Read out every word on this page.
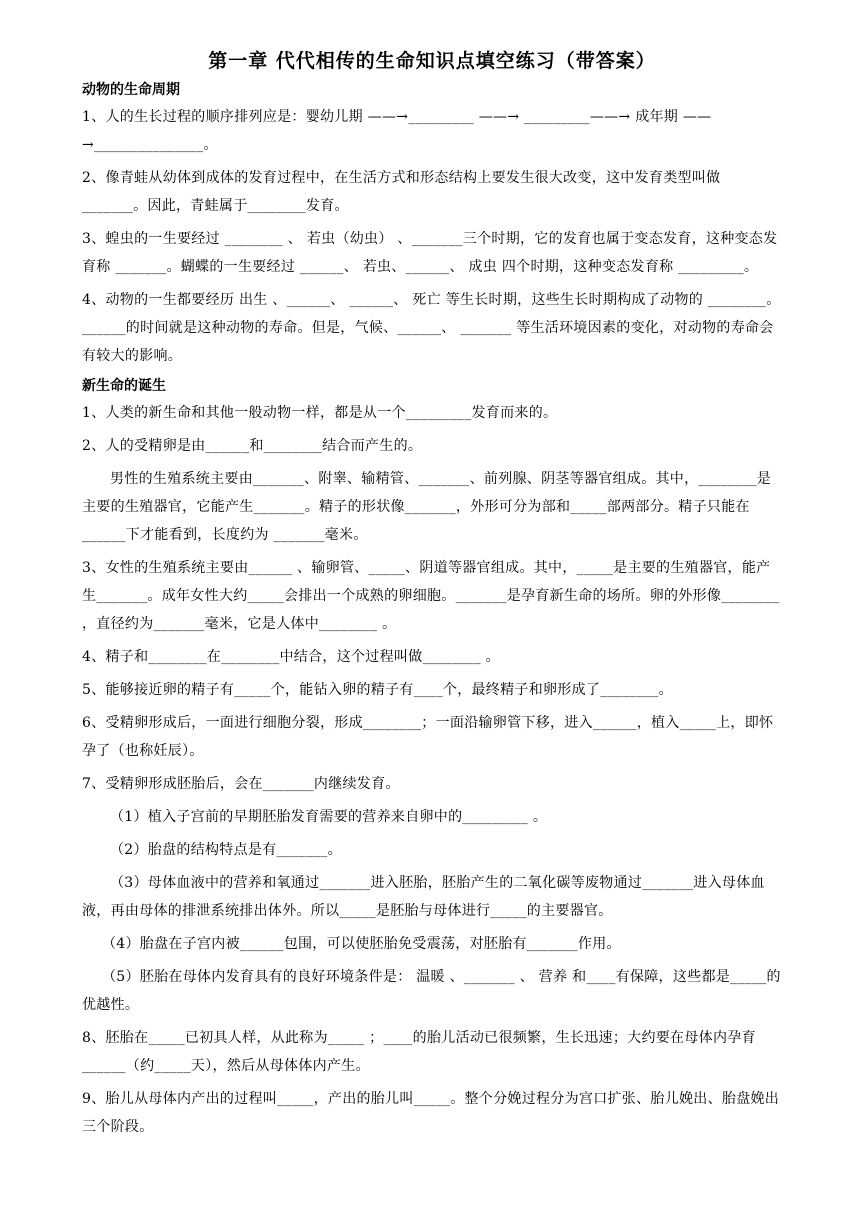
第一章 代代相传的生命知识点填空练习（带答案）
动物的生命周期

1、人的生长过程的顺序排列应是：婴幼儿期 ——→_________ ——→ _________——→ 成年期 ——→_______________。

2、像青蛙从幼体到成体的发育过程中，在生活方式和形态结构上要发生很大改变，这中发育类型叫做_______。因此，青蛙属于________发育。

3、蝗虫的一生要经过 ________ 、 若虫（幼虫） 、_______三个时期，它的发育也属于变态发育，这种变态发育称 _______。蝴蝶的一生要经过 ______、 若虫、______、 成虫 四个时期，这种变态发育称 _________。

4、动物的一生都要经历 出生 、______、 ______、 死亡 等生长时期，这些生长时期构成了动物的 ________。______的时间就是这种动物的寿命。但是，气候、______、 _______ 等生活环境因素的变化，对动物的寿命会有较大的影响。

新生命的诞生

1、人类的新生命和其他一般动物一样，都是从一个_________发育而来的。

2、人的受精卵是由______和________结合而产生的。

男性的生殖系统主要由_______、附睾、输精管、_______、前列腺、阴茎等器官组成。其中，________是主要的生殖器官，它能产生_______。精子的形状像_______，外形可分为部和_____部两部分。精子只能在______下才能看到，长度约为 _______毫米。

3、女性的生殖系统主要由______ 、输卵管、_____、阴道等器官组成。其中，_____是主要的生殖器官，能产生_______。成年女性大约_____会排出一个成熟的卵细胞。_______是孕育新生命的场所。卵的外形像________ ，直径约为_______毫米，它是人体中________ 。

4、精子和________在________中结合，这个过程叫做________ 。

5、能够接近卵的精子有_____个，能钻入卵的精子有____个，最终精子和卵形成了________。

6、受精卵形成后，一面进行细胞分裂，形成________；一面沿输卵管下移，进入______，植入_____上，即怀孕了（也称妊辰）。

7、受精卵形成胚胎后，会在_______内继续发育。

（1）植入子宫前的早期胚胎发育需要的营养来自卵中的_________ 。

（2）胎盘的结构特点是有_______。

（3）母体血液中的营养和氧通过_______进入胚胎，胚胎产生的二氧化碳等废物通过_______进入母体血液，再由母体的排泄系统排出体外。所以_____是胚胎与母体进行_____的主要器官。

（4）胎盘在子宫内被______包围，可以使胚胎免受震荡，对胚胎有_______作用。

（5）胚胎在母体内发育具有的良好环境条件是： 温暖 、_______ 、 营养 和____有保障，这些都是_____的优越性。

8、胚胎在_____已初具人样，从此称为_____ ；____的胎儿活动已很频繁，生长迅速；大约要在母体内孕育______（约_____天），然后从母体体内产生。

9、胎儿从母体内产出的过程叫_____，产出的胎儿叫_____。整个分娩过程分为宫口扩张、胎儿娩出、胎盘娩出三个阶段。
